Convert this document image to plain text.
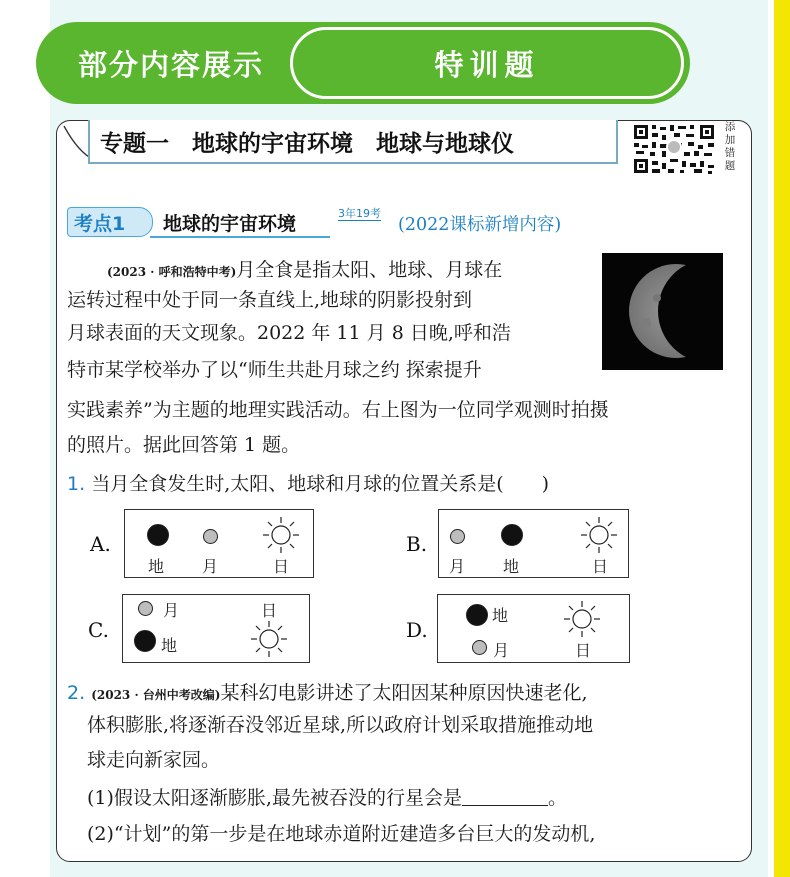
部分内容展示	特训题
专题一　地球的宇宙环境　地球与地球仪
添
加
错
题
考点1	地球的宇宙环境	3年19考
(2022课标新增内容)
(2023 · 呼和浩特中考)月全食是指太阳、地球、月球在
运转过程中处于同一条直线上,地球的阴影投射到
月球表面的天文现象。2022 年 11 月 8 日晚,呼和浩
特市某学校举办了以“师生共赴月球之约 探索提升
实践素养”为主题的地理实践活动。右上图为一位同学观测时拍摄
的照片。据此回答第 1 题。
1. 当月全食发生时,太阳、地球和月球的位置关系是(　　)
A.
地 月	日
B.
月 地	日
C.
月
地
日
D.
地
月	日
2. (2023 · 台州中考改编)某科幻电影讲述了太阳因某种原因快速老化,
体积膨胀,将逐渐吞没邻近星球,所以政府计划采取措施推动地
球走向新家园。
(1)假设太阳逐渐膨胀,最先被吞没的行星会是	。
(2)“计划”的第一步是在地球赤道附近建造多台巨大的发动机,
